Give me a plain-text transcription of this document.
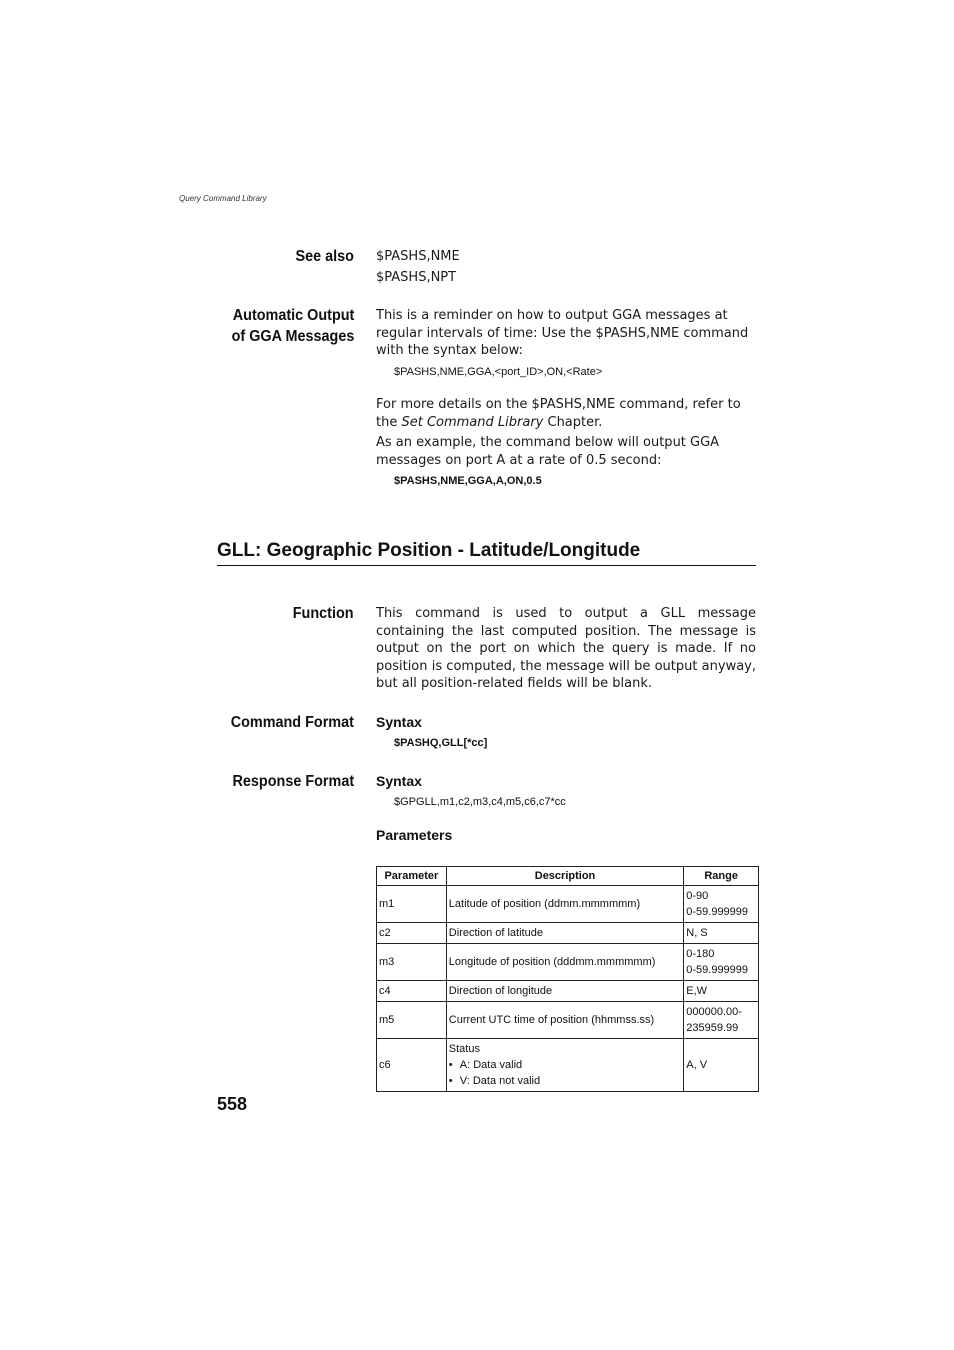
Query Command Library
See also $PASHS,NME
$PASHS,NPT
Automatic Output
of GGA Messages

This is a reminder on how to output GGA messages at regular intervals of time: Use the $PASHS,NME command with the syntax below:

$PASHS,NME,GGA,<port_ID>,ON,<Rate>

For more details on the $PASHS,NME command, refer to the Set Command Library Chapter.

As an example, the command below will output GGA messages on port A at a rate of 0.5 second:

$PASHS,NME,GGA,A,ON,0.5
GLL: Geographic Position - Latitude/Longitude
Function This command is used to output a GLL message containing the last computed position. The message is output on the port on which the query is made. If no position is computed, the message will be output anyway, but all position-related fields will be blank.

Command Format Syntax
$PASHQ,GLL[*cc]
Response Format Syntax
$GPGLL,m1,c2,m3,c4,m5,c6,c7*cc
Parameters
Parameter	Description	Range
m1	Latitude of position (ddmm.mmmmmm)	0-90
0-59.999999

c2	Direction of latitude	N, S
m3	Longitude of position (dddmm.mmmmmm)	0-180
0-59.999999

c4	Direction of longitude	E,W
m5	Current UTC time of position (hhmmss.ss)	000000.00-
235959.99

c6	Status
• A: Data valid
• V: Data not valid	A, V
558
